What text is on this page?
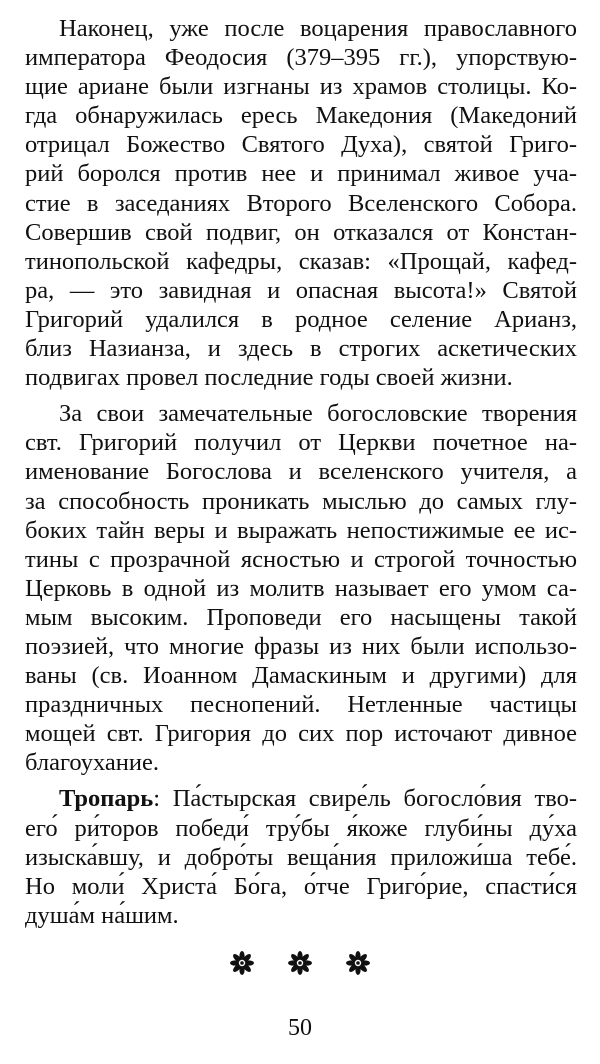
Наконец, уже после воцарения православного
императора Феодосия (379–395 гг.), упорствую-
щие ариане были изгнаны из храмов столицы. Ко-
гда обнаружилась ересь Македония (Македоний
отрицал Божество Святого Духа), святой Григо-
рий боролся против нее и принимал живое уча-
стие в заседаниях Второго Вселенского Собора.
Совершив свой подвиг, он отказался от Констан-
тинопольской кафедры, сказав: «Прощай, кафед-
ра, — это завидная и опасная высота!» Святой
Григорий удалился в родное селение Арианз,
близ Назианза, и здесь в строгих аскетических
подвигах провел последние годы своей жизни.
За свои замечательные богословские творения
свт. Григорий получил от Церкви почетное на-
именование Богослова и вселенского учителя, а
за способность проникать мыслью до самых глу-
боких тайн веры и выражать непостижимые ее ис-
тины с прозрачной ясностью и строгой точностью
Церковь в одной из молитв называет его умом са-
мым высоким. Проповеди его насыщены такой
поэзией, что многие фразы из них были использо-
ваны (св. Иоанном Дамаскиным и другими) для
праздничных песнопений. Нетленные частицы
мощей свт. Григория до сих пор источают дивное
благоухание.
Тропарь: Па́стырская свире́ль богосло́вия тво-
его́ ри́торов победи́ тру́бы я́коже глуби́ны ду́ха
изыска́вшу, и добро́ты веща́ния приложи́ша тебе́.
Но моли́ Христа́ Бо́га, о́тче Григо́рие, спасти́ся
душа́м на́шим.

50
